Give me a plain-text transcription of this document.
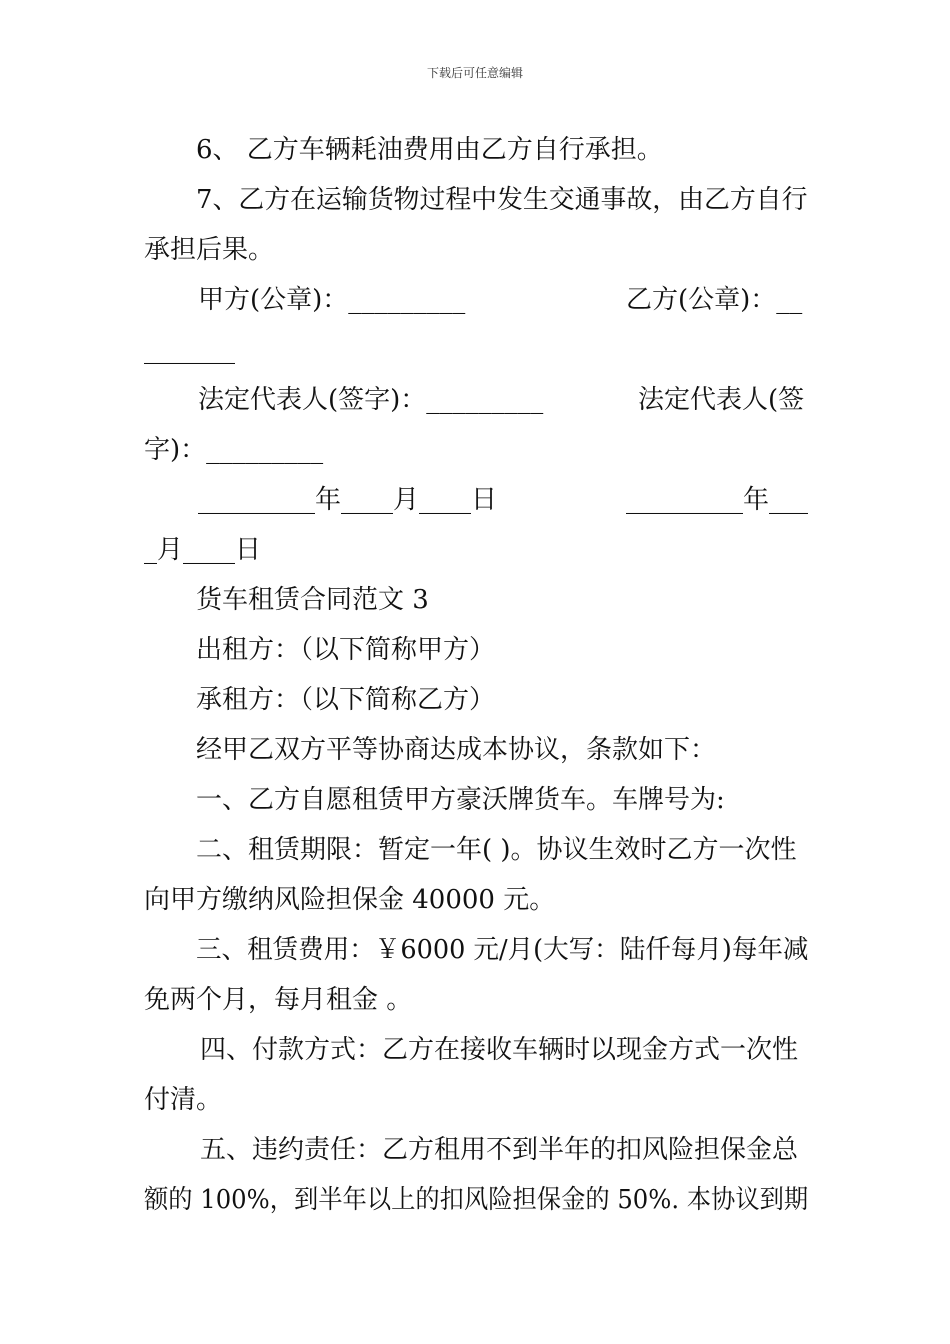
下载后可任意编辑
6、 乙方车辆耗油费用由乙方自行承担。
7、乙方在运输货物过程中发生交通事故，由乙方自行
承担后果。
甲方(公章)：_________	乙方(公章)：__
_______
法定代表人(签字)：_________	法定代表人(签
字)：_________
_________年____月____日	_________年___
_月____日
货车租赁合同范文 3
出租方：（以下简称甲方）
承租方：（以下简称乙方）
经甲乙双方平等协商达成本协议，条款如下：
一、乙方自愿租赁甲方豪沃牌货车。车牌号为:
二、租赁期限：暂定一年( )。协议生效时乙方一次性
向甲方缴纳风险担保金 40000 元。
三、租赁费用：￥6000 元/月(大写：陆仟每月)每年减
免两个月，每月租金 。
四、付款方式：乙方在接收车辆时以现金方式一次性
付清。
五、违约责任：乙方租用不到半年的扣风险担保金总
额的 100%，到半年以上的扣风险担保金的 50%. 本协议到期
